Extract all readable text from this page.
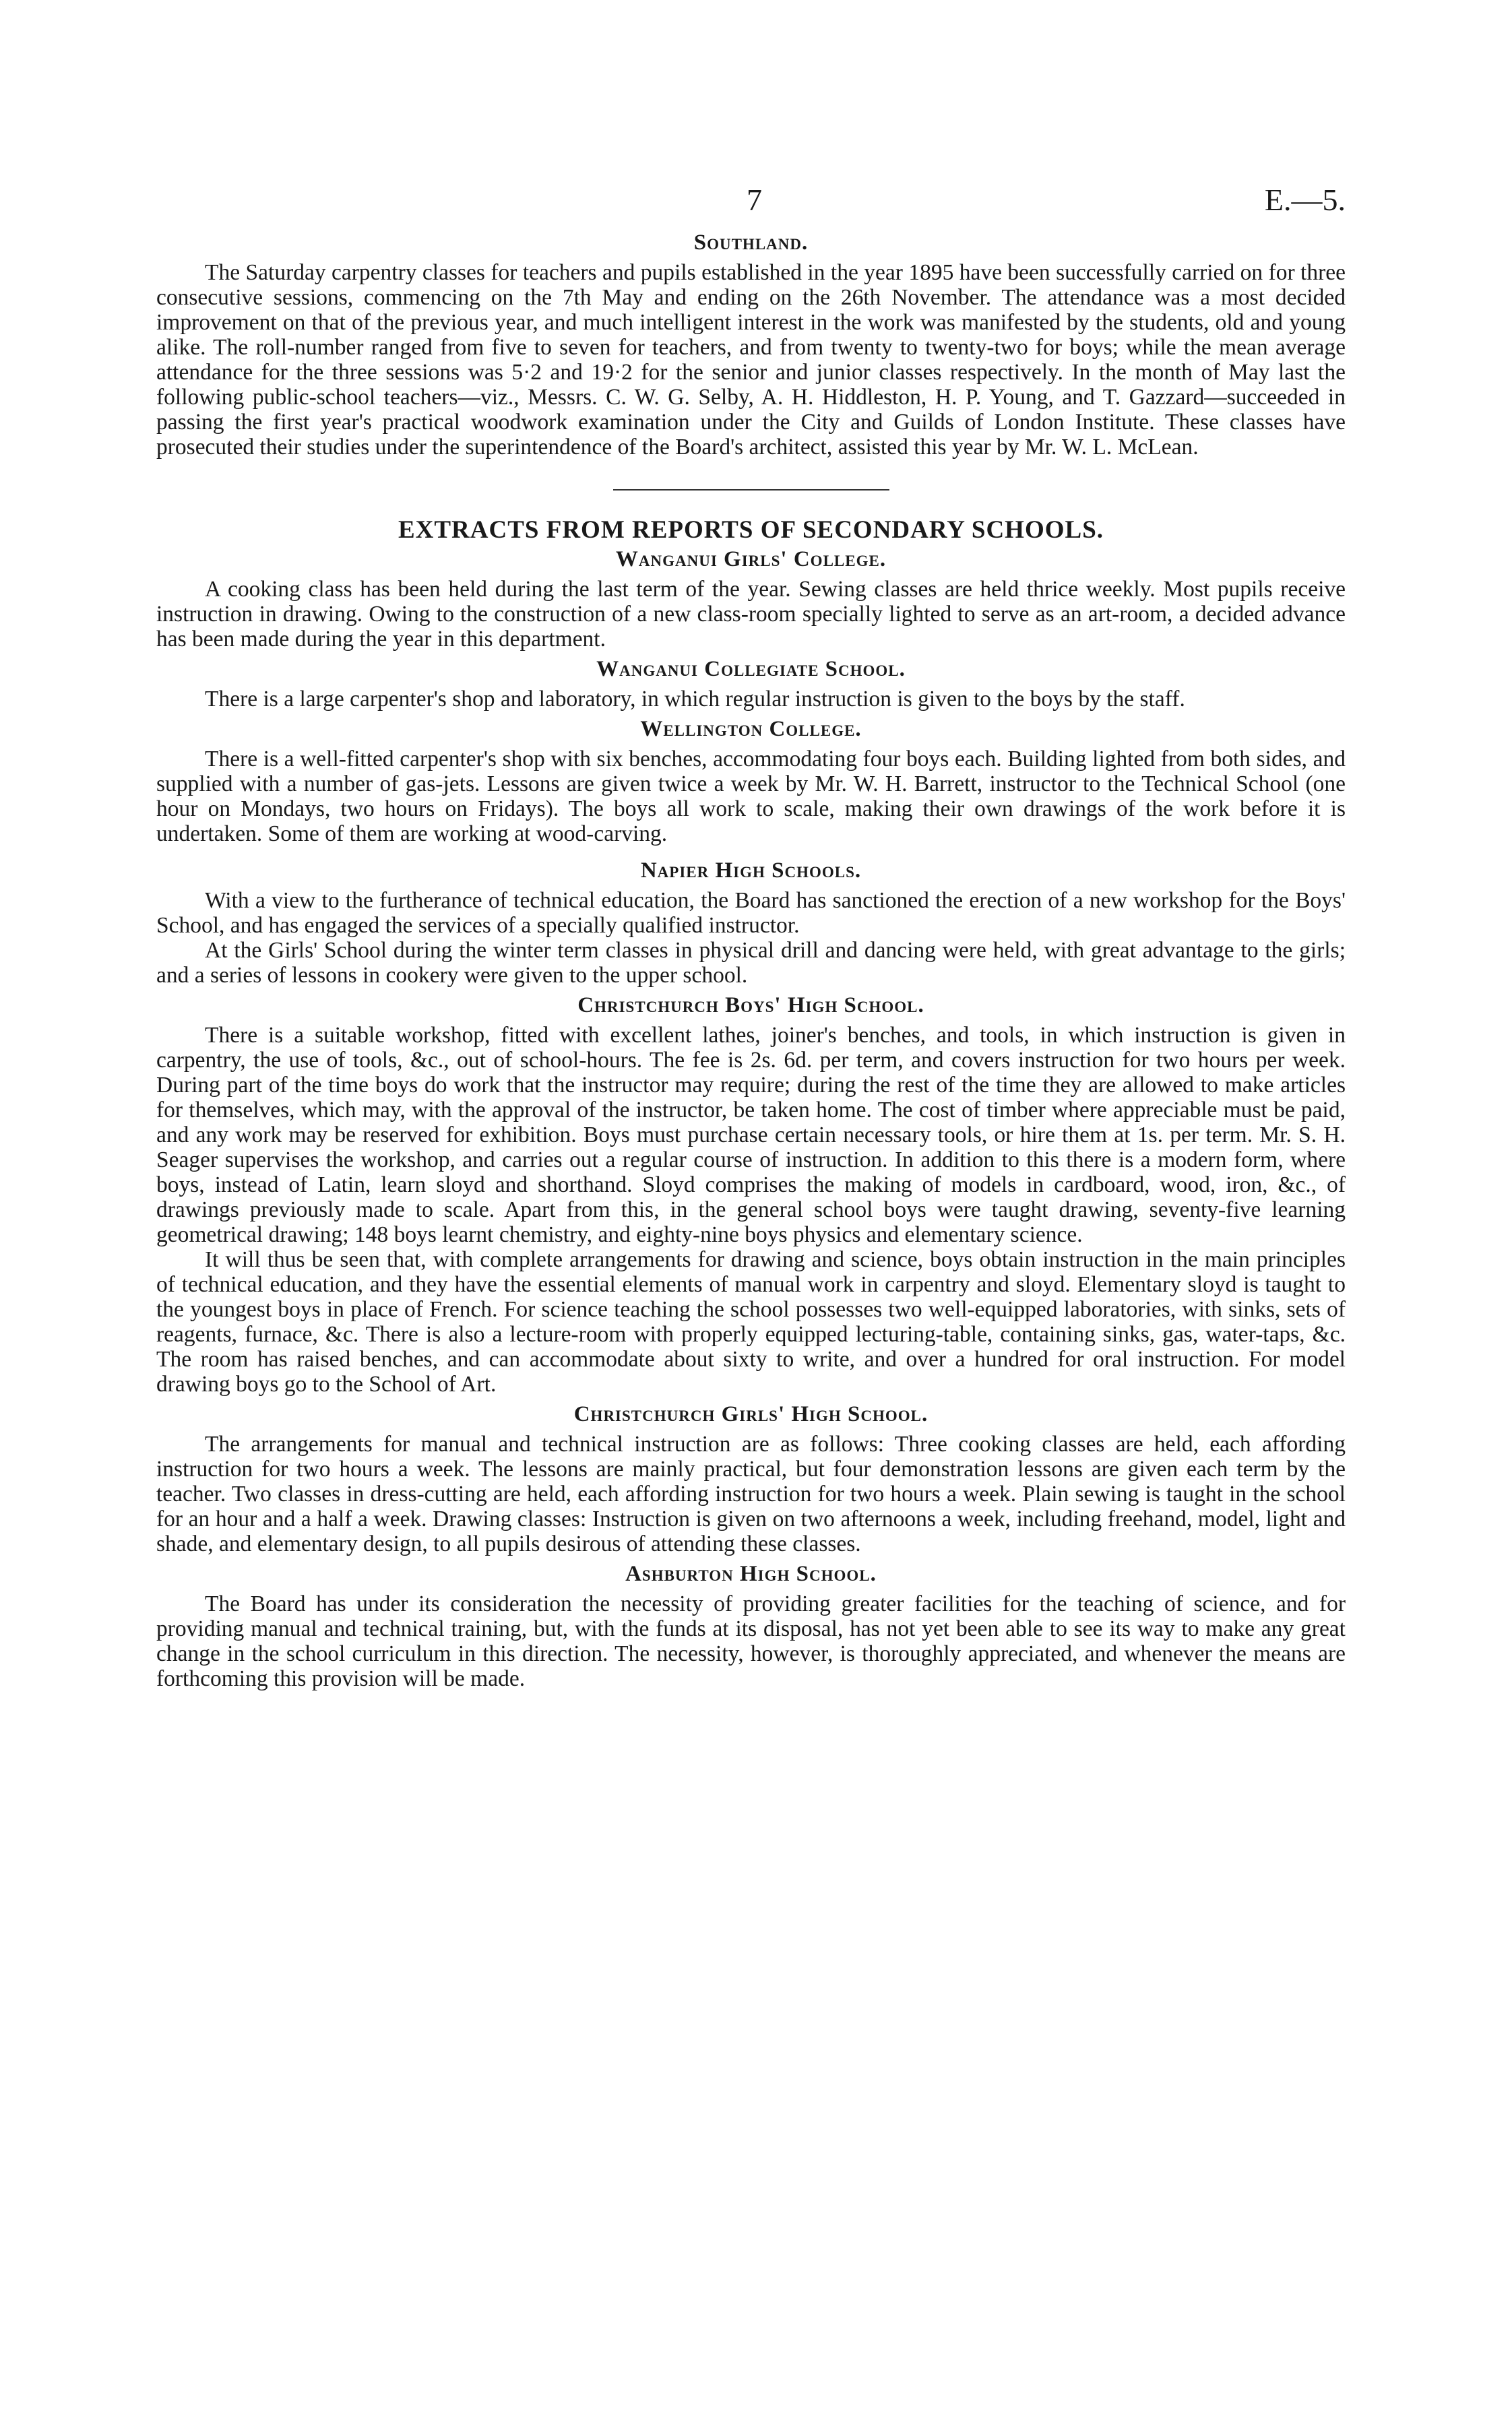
7	E.—5.
Southland.

The Saturday carpentry classes for teachers and pupils established in the year 1895 have been successfully carried on for three consecutive sessions, commencing on the 7th May and ending on the 26th November. The attendance was a most decided improvement on that of the previous year, and much intelligent interest in the work was manifested by the students, old and young alike. The roll-number ranged from five to seven for teachers, and from twenty to twenty-two for boys; while the mean average attendance for the three sessions was 5·2 and 19·2 for the senior and junior classes respectively. In the month of May last the following public-school teachers—viz., Messrs. C. W. G. Selby, A. H. Hiddleston, H. P. Young, and T. Gazzard—succeeded in passing the first year's practical woodwork examination under the City and Guilds of London Institute. These classes have prosecuted their studies under the superintendence of the Board's architect, assisted this year by Mr. W. L. McLean.

EXTRACTS FROM REPORTS OF SECONDARY SCHOOLS.
Wanganui Girls' College.

A cooking class has been held during the last term of the year. Sewing classes are held thrice weekly. Most pupils receive instruction in drawing. Owing to the construction of a new class-room specially lighted to serve as an art-room, a decided advance has been made during the year in this department.

Wanganui Collegiate School.

There is a large carpenter's shop and laboratory, in which regular instruction is given to the boys by the staff.

Wellington College.

There is a well-fitted carpenter's shop with six benches, accommodating four boys each. Building lighted from both sides, and supplied with a number of gas-jets. Lessons are given twice a week by Mr. W. H. Barrett, instructor to the Technical School (one hour on Mondays, two hours on Fridays). The boys all work to scale, making their own drawings of the work before it is undertaken. Some of them are working at wood-carving.

Napier High Schools.

With a view to the furtherance of technical education, the Board has sanctioned the erection of a new workshop for the Boys' School, and has engaged the services of a specially qualified instructor.

At the Girls' School during the winter term classes in physical drill and dancing were held, with great advantage to the girls; and a series of lessons in cookery were given to the upper school.

Christchurch Boys' High School.

There is a suitable workshop, fitted with excellent lathes, joiner's benches, and tools, in which instruction is given in carpentry, the use of tools, &c., out of school-hours. The fee is 2s. 6d. per term, and covers instruction for two hours per week. During part of the time boys do work that the instructor may require; during the rest of the time they are allowed to make articles for themselves, which may, with the approval of the instructor, be taken home. The cost of timber where appreciable must be paid, and any work may be reserved for exhibition. Boys must purchase certain necessary tools, or hire them at 1s. per term. Mr. S. H. Seager supervises the workshop, and carries out a regular course of instruction. In addition to this there is a modern form, where boys, instead of Latin, learn sloyd and shorthand. Sloyd comprises the making of models in cardboard, wood, iron, &c., of drawings previously made to scale. Apart from this, in the general school boys were taught drawing, seventy-five learning geometrical drawing; 148 boys learnt chemistry, and eighty-nine boys physics and elementary science.

It will thus be seen that, with complete arrangements for drawing and science, boys obtain instruction in the main principles of technical education, and they have the essential elements of manual work in carpentry and sloyd. Elementary sloyd is taught to the youngest boys in place of French. For science teaching the school possesses two well-equipped laboratories, with sinks, sets of reagents, furnace, &c. There is also a lecture-room with properly equipped lecturing-table, containing sinks, gas, water-taps, &c. The room has raised benches, and can accommodate about sixty to write, and over a hundred for oral instruction. For model drawing boys go to the School of Art.

Christchurch Girls' High School.

The arrangements for manual and technical instruction are as follows: Three cooking classes are held, each affording instruction for two hours a week. The lessons are mainly practical, but four demonstration lessons are given each term by the teacher. Two classes in dress-cutting are held, each affording instruction for two hours a week. Plain sewing is taught in the school for an hour and a half a week. Drawing classes: Instruction is given on two afternoons a week, including freehand, model, light and shade, and elementary design, to all pupils desirous of attending these classes.

Ashburton High School.

The Board has under its consideration the necessity of providing greater facilities for the teaching of science, and for providing manual and technical training, but, with the funds at its disposal, has not yet been able to see its way to make any great change in the school curriculum in this direction. The necessity, however, is thoroughly appreciated, and whenever the means are forthcoming this provision will be made.
